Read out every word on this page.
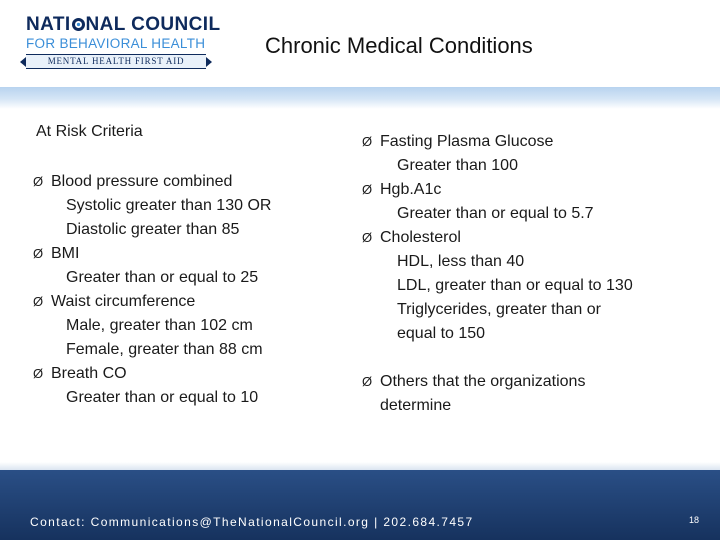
NATI NAL COUNCIL
FOR BEHAVIORAL HEALTH
MENTAL HEALTH FIRST AID
Chronic Medical Conditions
At Risk Criteria
Ø Blood pressure combined
Systolic greater than 130 OR
Diastolic greater than 85
Ø BMI
Greater than or equal to 25
Ø Waist circumference
Male, greater than 102 cm
Female, greater than 88 cm
Ø Breath CO
Greater than or equal to 10
Ø Fasting Plasma Glucose
Greater than 100
Ø Hgb.A1c
Greater than or equal to 5.7
Ø Cholesterol
HDL, less than 40
LDL, greater than or equal to 130
Triglycerides, greater than or
equal to 150
Ø Others that the organizations
determine
Contact: Communications@TheNationalCouncil.org | 202.684.7457	18
